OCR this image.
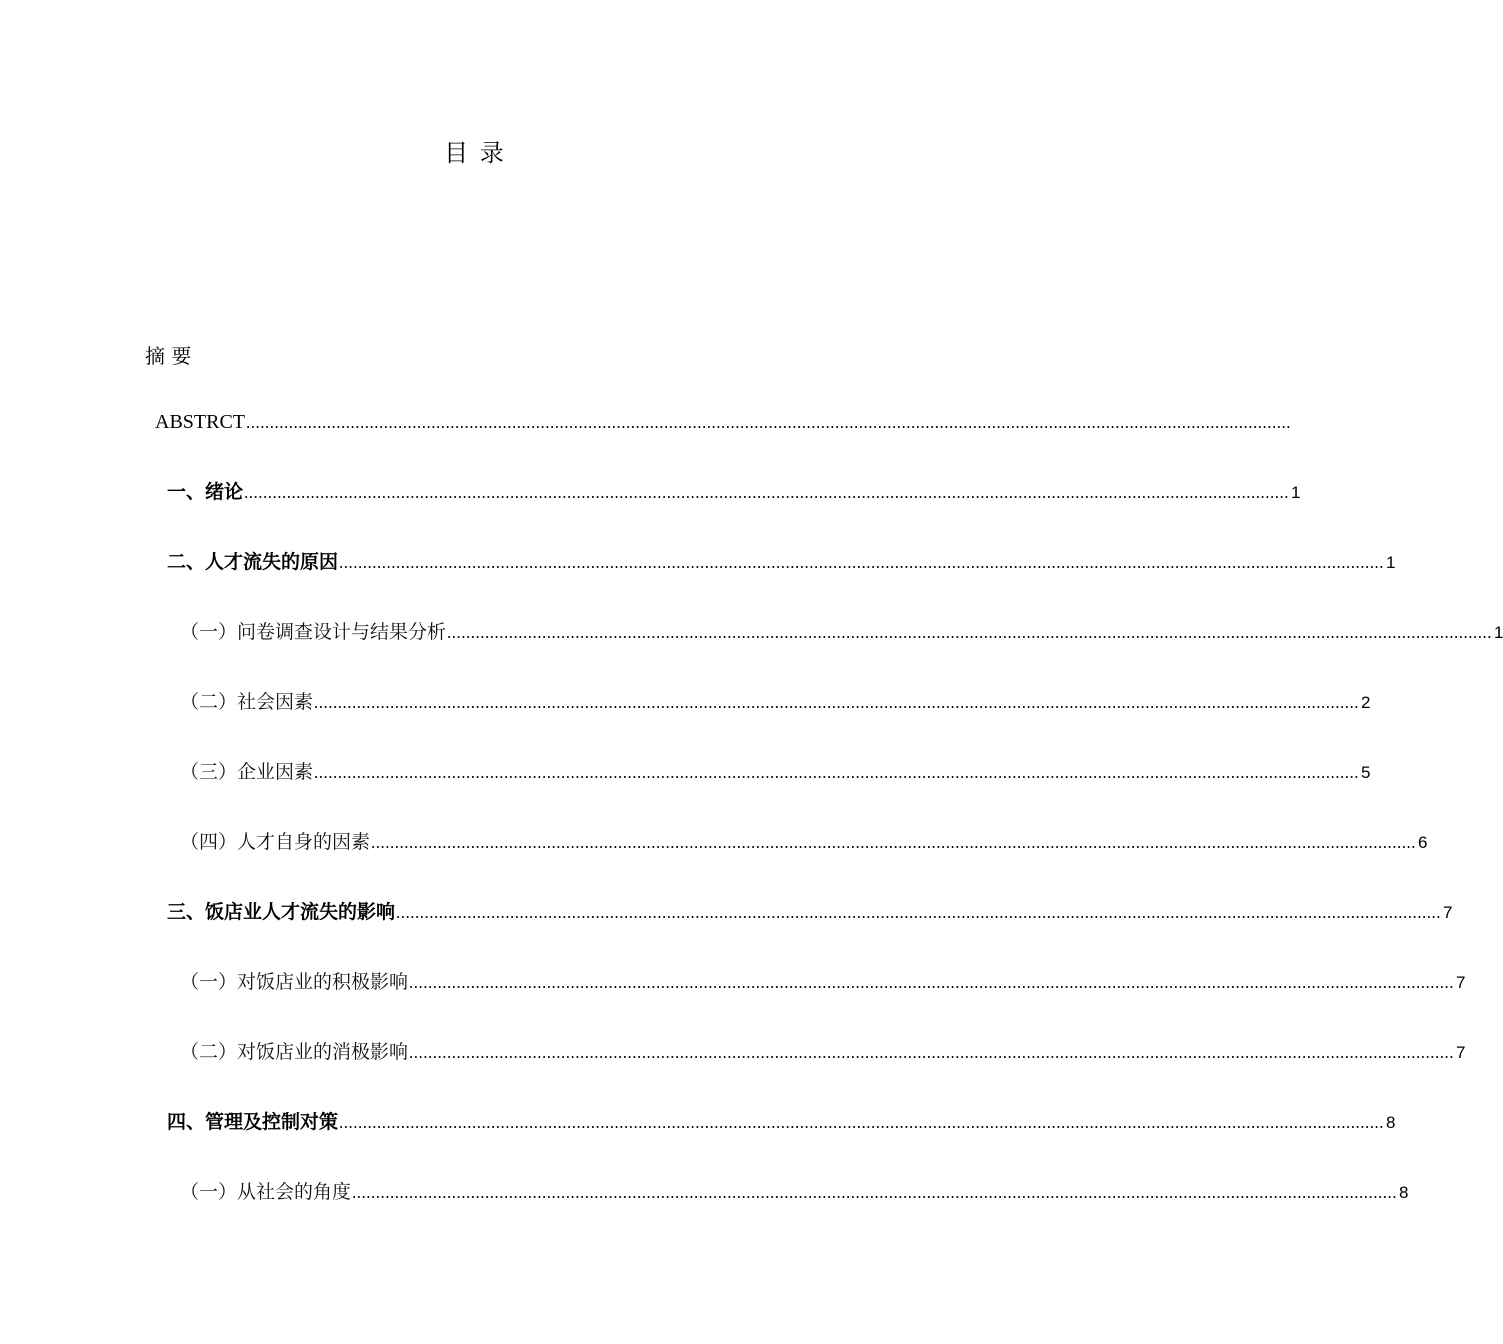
目 录
摘 要
ABSTRCT ............................................................................................................................................................................................................................
一、绪论 ............................................................................................................................................................................................................................ 1
二、人才流失的原因 ............................................................................................................................................................................................................................ 1
（一）问卷调查设计与结果分析 ............................................................................................................................................................................................................................ 1
（二）社会因素 ............................................................................................................................................................................................................................ 2
（三）企业因素 ............................................................................................................................................................................................................................ 5
（四）人才自身的因素 ............................................................................................................................................................................................................................ 6
三、饭店业人才流失的影响 ............................................................................................................................................................................................................................ 7
（一）对饭店业的积极影响 ............................................................................................................................................................................................................................ 7
（二）对饭店业的消极影响 ............................................................................................................................................................................................................................ 7
四、管理及控制对策 ............................................................................................................................................................................................................................ 8
（一）从社会的角度 ............................................................................................................................................................................................................................ 8
